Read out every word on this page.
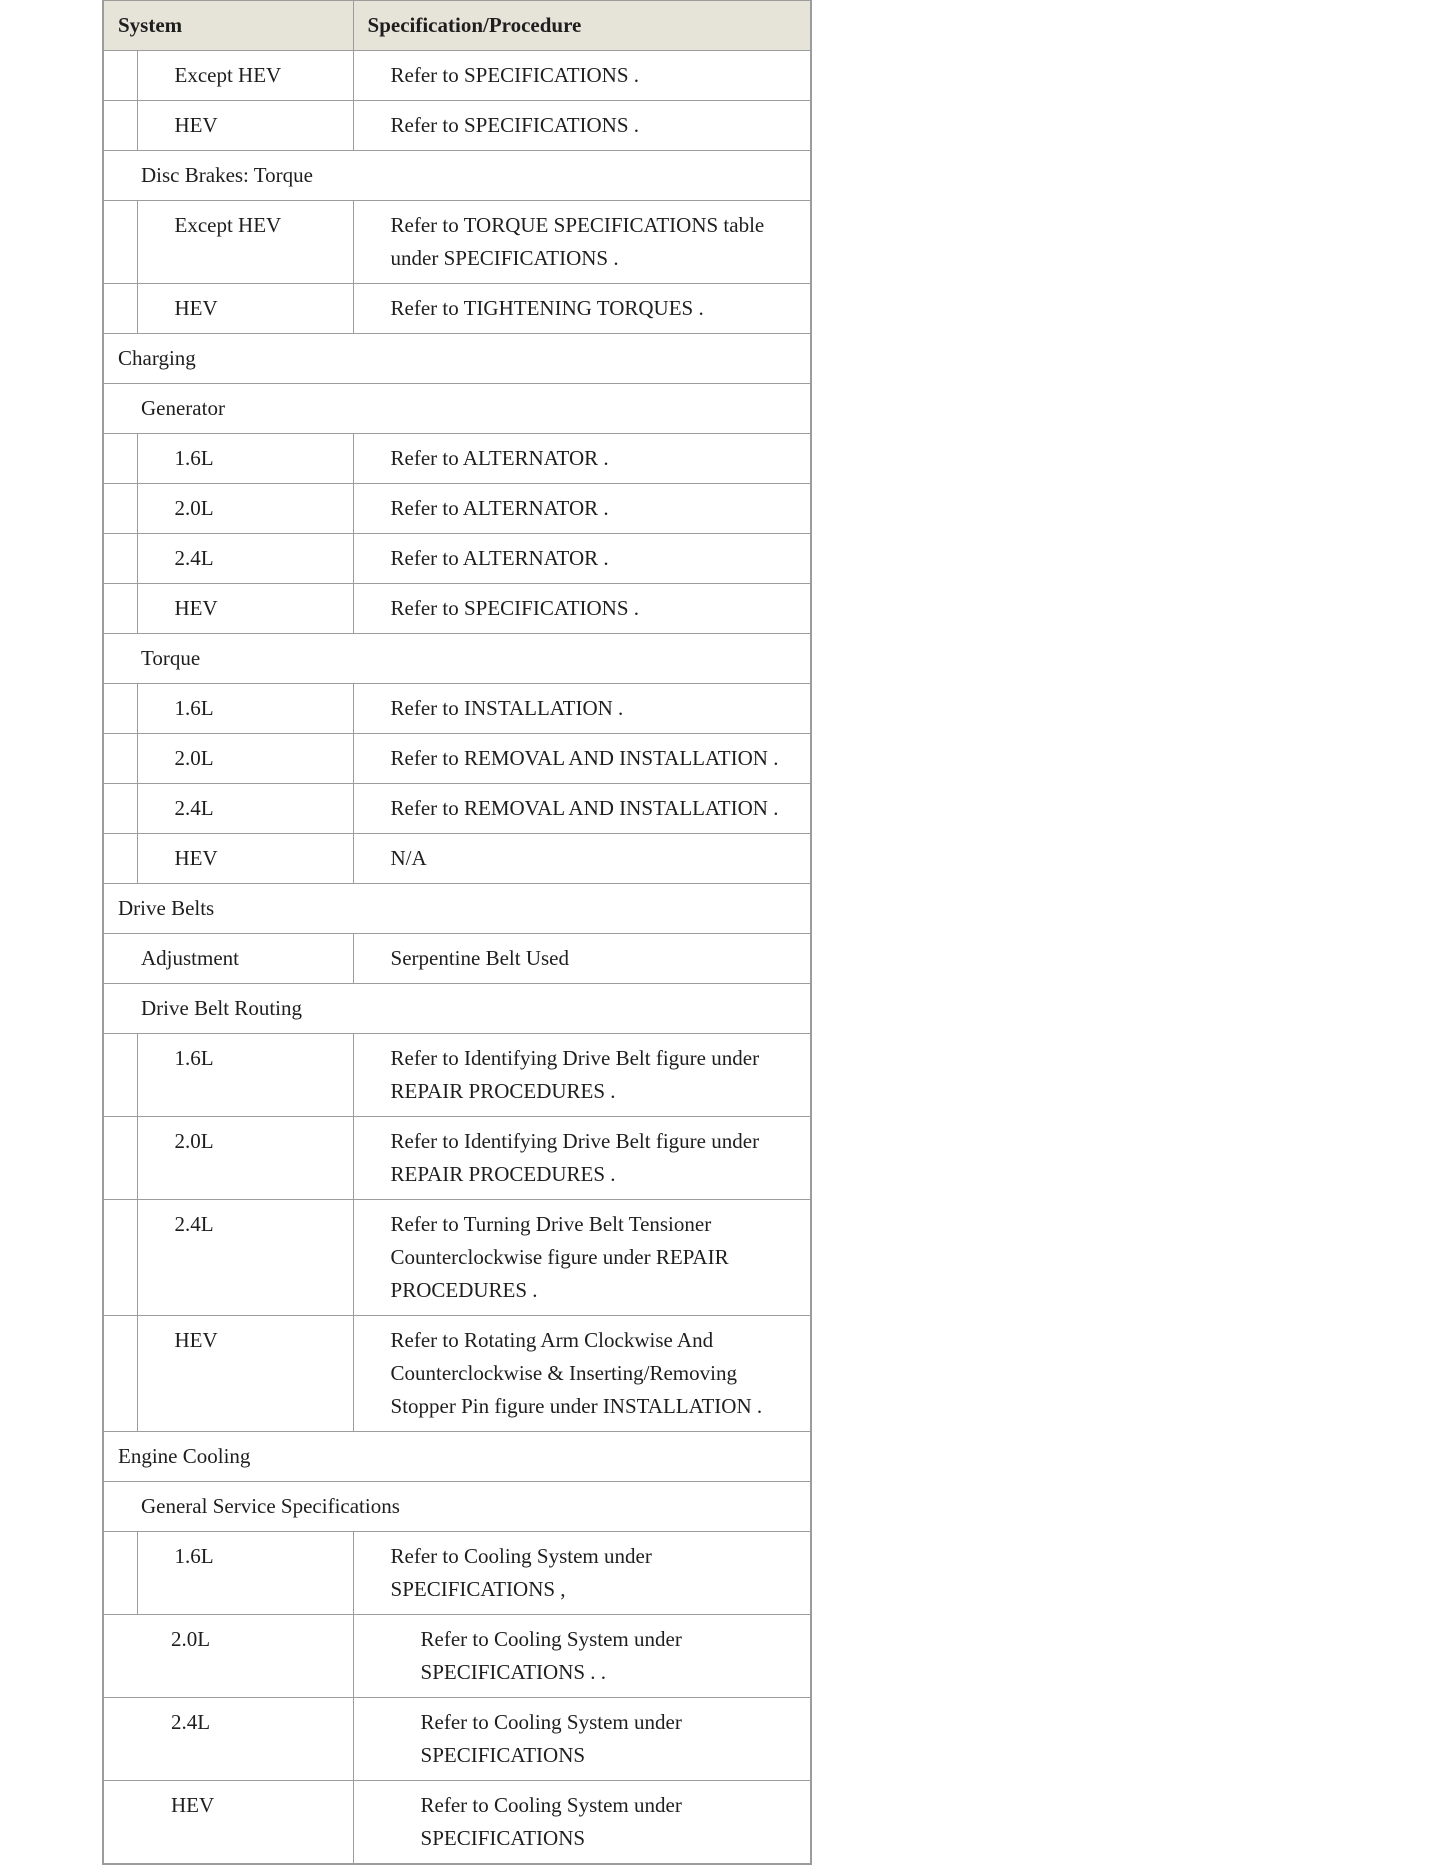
System		Specification/Procedure
	Except HEV	Refer to SPECIFICATIONS .
	HEV	Refer to SPECIFICATIONS .
Disc Brakes: Torque		
	Except HEV	Refer to TORQUE SPECIFICATIONS table under SPECIFICATIONS .
	HEV	Refer to TIGHTENING TORQUES .
Charging		
Generator		
	1.6L	Refer to ALTERNATOR .
	2.0L	Refer to ALTERNATOR .
	2.4L	Refer to ALTERNATOR .
	HEV	Refer to SPECIFICATIONS .
Torque		
	1.6L	Refer to INSTALLATION .
	2.0L	Refer to REMOVAL AND INSTALLATION .
	2.4L	Refer to REMOVAL AND INSTALLATION .
	HEV	N/A
Drive Belts		
Adjustment		Serpentine Belt Used
Drive Belt Routing		
	1.6L	Refer to Identifying Drive Belt figure under REPAIR PROCEDURES .
	2.0L	Refer to Identifying Drive Belt figure under REPAIR PROCEDURES .
	2.4L	Refer to Turning Drive Belt Tensioner Counterclockwise figure under REPAIR PROCEDURES .
	HEV	Refer to Rotating Arm Clockwise And Counterclockwise & Inserting/Removing Stopper Pin figure under INSTALLATION .
Engine Cooling		
General Service Specifications		
	1.6L	Refer to Cooling System under SPECIFICATIONS ,
2.0L		Refer to Cooling System under SPECIFICATIONS . .
2.4L		Refer to Cooling System under SPECIFICATIONS
HEV		Refer to Cooling System under SPECIFICATIONS
